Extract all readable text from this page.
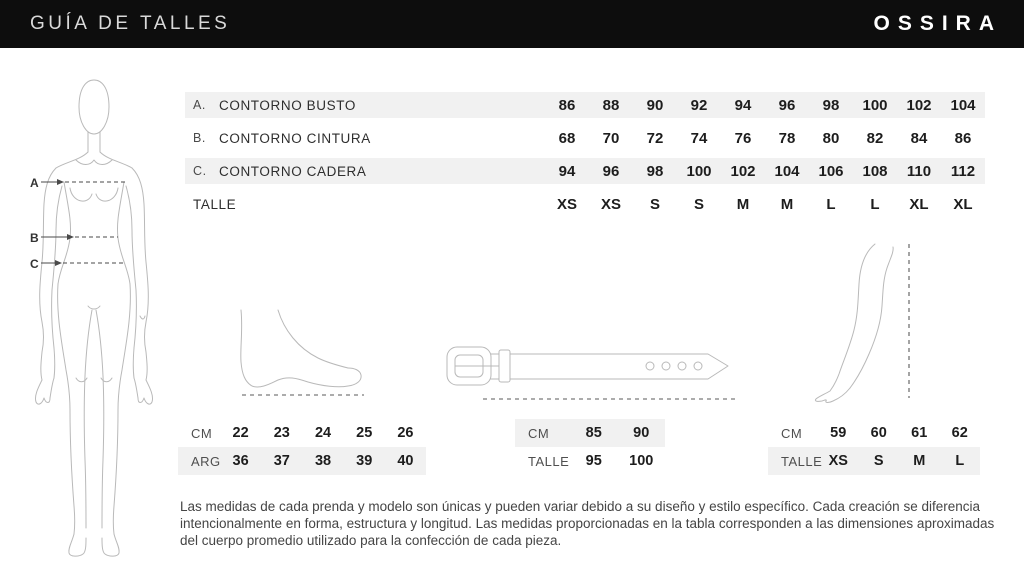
GUÍA DE TALLES	OSSIRA
A
B
C
A. CONTORNO BUSTO	86	88	90	92	94	96	98	100	102	104
B. CONTORNO CINTURA	68	70	72	74	76	78	80	82	84	86
C. CONTORNO CADERA	94	96	98	100	102	104	106	108	110	112
TALLE	XS	XS	S	S	M	M	L	L	XL	XL
CM	22	23	24	25	26
ARG 36	37	38	39	40
CM	85	90
TALLE	95	100
CM	59	60	61	62
TALLE XS	S	M	L
Las medidas de cada prenda y modelo son únicas y pueden variar debido a su diseño y estilo específico. Cada creación se diferencia intencionalmente en forma, estructura y longitud. Las medidas proporcionadas en la tabla corresponden a las dimensiones aproximadas del cuerpo promedio utilizado para la confección de cada pieza.
